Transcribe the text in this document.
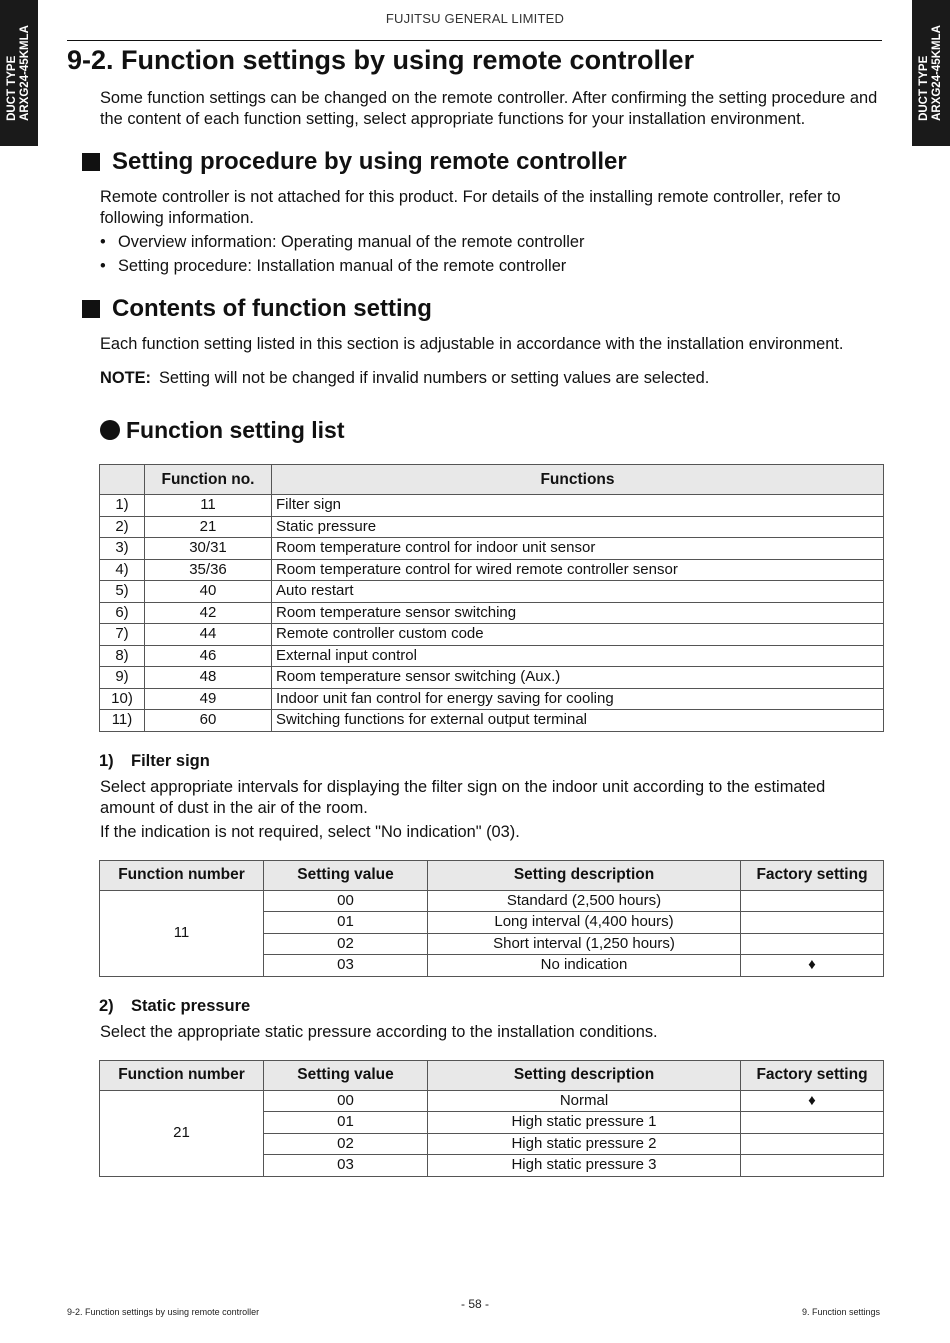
DUCT TYPE ARXG24-45KMLA	DUCT TYPE ARXG24-45KMLA
FUJITSU GENERAL LIMITED
9-2. Function settings by using remote controller

Some function settings can be changed on the remote controller. After confirming the setting procedure and the content of each function setting, select appropriate functions for your installation environment.

Setting procedure by using remote controller

Remote controller is not attached for this product. For details of the installing remote controller, refer to following information.

• Overview information: Operating manual of the remote controller
• Setting procedure: Installation manual of the remote controller
Contents of function setting

Each function setting listed in this section is adjustable in accordance with the installation environment.

NOTE: Setting will not be changed if invalid numbers or setting values are selected.

Function setting list
	Function no.	Functions
1)	11	Filter sign
2)	21	Static pressure
3)	30/31	Room temperature control for indoor unit sensor
4)	35/36	Room temperature control for wired remote controller sensor
5)	40	Auto restart
6)	42	Room temperature sensor switching
7)	44	Remote controller custom code
8)	46	External input control
9)	48	Room temperature sensor switching (Aux.)
10)	49	Indoor unit fan control for energy saving for cooling
11)	60	Switching functions for external output terminal
1) Filter sign

Select appropriate intervals for displaying the filter sign on the indoor unit according to the estimated amount of dust in the air of the room.

If the indication is not required, select "No indication" (03).

Function number	Setting value	Setting description	Factory setting
11	00	Standard (2,500 hours)	
	01	Long interval (4,400 hours)	
	02	Short interval (1,250 hours)	
	03	No indication	♦
2) Static pressure

Select the appropriate static pressure according to the installation conditions.

Function number	Setting value	Setting description	Factory setting
21	00	Normal	♦
	01	High static pressure 1	
	02	High static pressure 2	
	03	High static pressure 3	
- 58 -
9-2. Function settings by using remote controller	9. Function settings
